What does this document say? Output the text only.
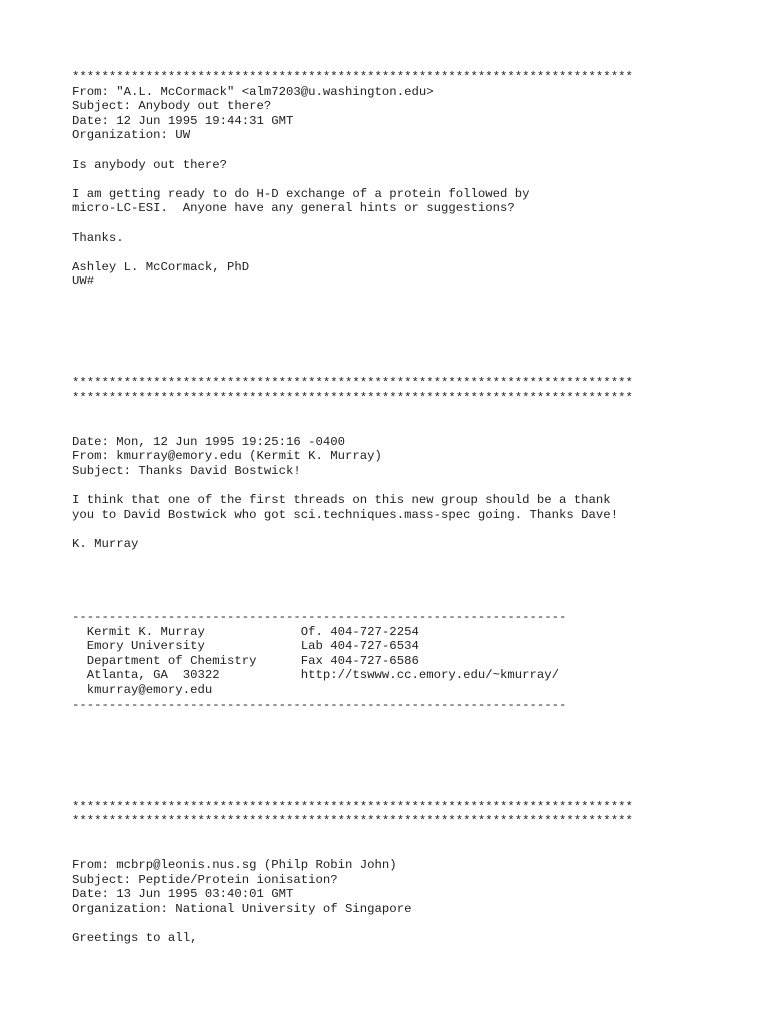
****************************************************************************
From: "A.L. McCormack" <alm7203@u.washington.edu>
Subject: Anybody out there?
Date: 12 Jun 1995 19:44:31 GMT
Organization: UW
Is anybody out there?
I am getting ready to do H-D exchange of a protein followed by
micro-LC-ESI.  Anyone have any general hints or suggestions?
Thanks.
Ashley L. McCormack, PhD
UW#
****************************************************************************
****************************************************************************
Date: Mon, 12 Jun 1995 19:25:16 -0400
From: kmurray@emory.edu (Kermit K. Murray)
Subject: Thanks David Bostwick!
I think that one of the first threads on this new group should be a thank
you to David Bostwick who got sci.techniques.mass-spec going. Thanks Dave!
K. Murray
-------------------------------------------------------------------
Kermit K. Murray             Of. 404-727-2254
Emory University             Lab 404-727-6534
Department of Chemistry      Fax 404-727-6586
Atlanta, GA  30322           http://tswww.cc.emory.edu/~kmurray/
kmurray@emory.edu
-------------------------------------------------------------------
****************************************************************************
****************************************************************************
From: mcbrp@leonis.nus.sg (Philp Robin John)
Subject: Peptide/Protein ionisation?
Date: 13 Jun 1995 03:40:01 GMT
Organization: National University of Singapore
Greetings to all,
